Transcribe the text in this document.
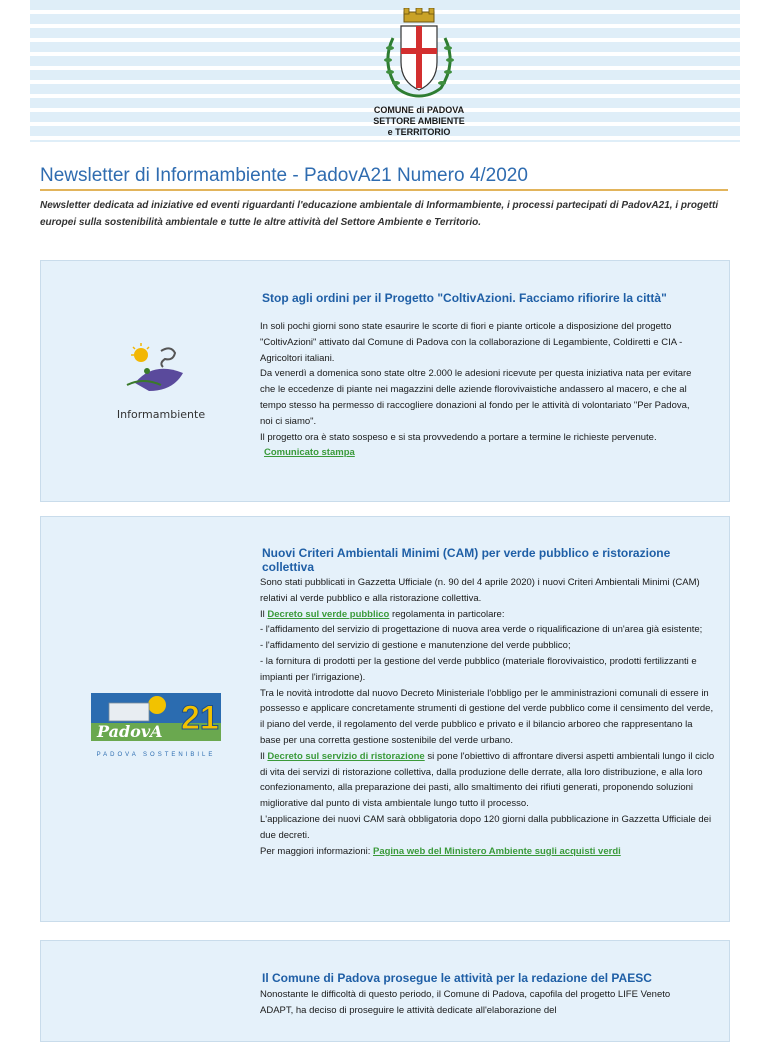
COMUNE di PADOVA
SETTORE AMBIENTE
e TERRITORIO
Newsletter di Informambiente - PadovA21 Numero 4/2020
Newsletter dedicata ad iniziative ed eventi riguardanti l'educazione ambientale di Informambiente, i processi partecipati di PadovA21, i progetti europei sulla sostenibilità ambientale e tutte le altre attività del Settore Ambiente e Territorio.
Informambiente
Stop agli ordini per il Progetto "ColtivAzioni. Facciamo rifiorire la città"
In soli pochi giorni sono state esaurire le scorte di fiori e piante orticole a disposizione del progetto "ColtivAzioni" attivato dal Comune di Padova con la collaborazione di Legambiente, Coldiretti e CIA - Agricoltori italiani.
Da venerdì a domenica sono state oltre 2.000 le adesioni ricevute per questa iniziativa nata per evitare che le eccedenze di piante nei magazzini delle aziende florovivaistiche andassero al macero, e che al tempo stesso ha permesso di raccogliere donazioni al fondo per le attività di volontariato "Per Padova, noi ci siamo".
Il progetto ora è stato sospeso e si sta provvedendo a portare a termine le richieste pervenute.
Comunicato stampa
21
PadovA
PADOVA SOSTENIBILE
Nuovi Criteri Ambientali Minimi (CAM) per verde pubblico e ristorazione collettiva
Sono stati pubblicati in Gazzetta Ufficiale (n. 90 del 4 aprile 2020) i nuovi Criteri Ambientali Minimi (CAM) relativi al verde pubblico e alla ristorazione collettiva.
Il Decreto sul verde pubblico regolamenta in particolare:
- l'affidamento del servizio di progettazione di nuova area verde o riqualificazione di un'area già esistente;
- l'affidamento del servizio di gestione e manutenzione del verde pubblico;
- la fornitura di prodotti per la gestione del verde pubblico (materiale florovivaistico, prodotti fertilizzanti e impianti per l'irrigazione).
Tra le novità introdotte dal nuovo Decreto Ministeriale l'obbligo per le amministrazioni comunali di essere in possesso e applicare concretamente strumenti di gestione del verde pubblico come il censimento del verde, il piano del verde, il regolamento del verde pubblico e privato e il bilancio arboreo che rappresentano la base per una corretta gestione sostenibile del verde urbano.
Il Decreto sul servizio di ristorazione si pone l'obiettivo di affrontare diversi aspetti ambientali lungo il ciclo di vita dei servizi di ristorazione collettiva, dalla produzione delle derrate, alla loro distribuzione, e alla loro confezionamento, alla preparazione dei pasti, allo smaltimento dei rifiuti generati, proponendo soluzioni migliorative dal punto di vista ambientale lungo tutto il processo.
L'applicazione dei nuovi CAM sarà obbligatoria dopo 120 giorni dalla pubblicazione in Gazzetta Ufficiale dei due decreti.
Per maggiori informazioni: Pagina web del Ministero Ambiente sugli acquisti verdi
Il Comune di Padova prosegue le attività per la redazione del PAESC
Nonostante le difficoltà di questo periodo, il Comune di Padova, capofila del progetto LIFE Veneto ADAPT, ha deciso di proseguire le attività dedicate all'elaborazione del
